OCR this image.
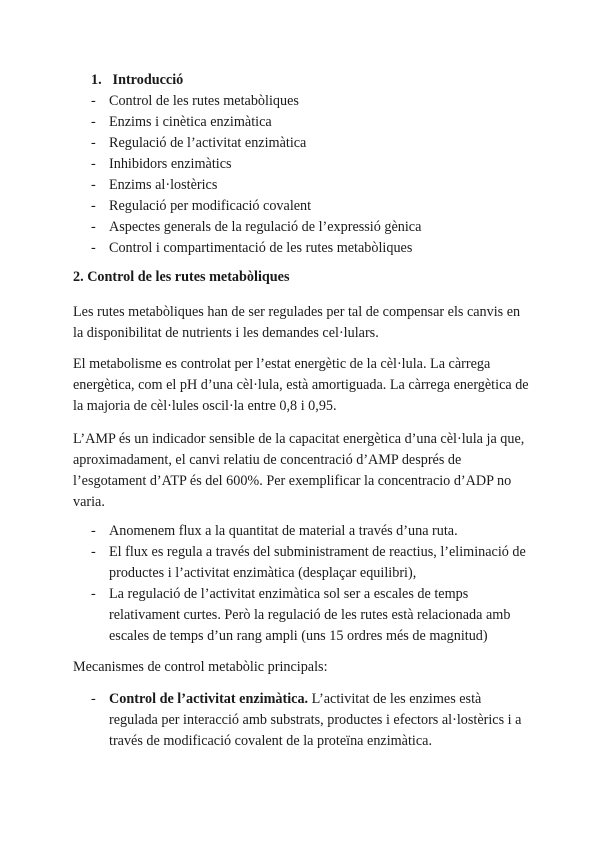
1. Introducció
- Control de les rutes metabòliques
- Enzims i cinètica enzimàtica
- Regulació de l’activitat enzimàtica
- Inhibidors enzimàtics
- Enzims al·lostèrics
- Regulació per modificació covalent
- Aspectes generals de la regulació de l’expressió gènica
- Control i compartimentació de les rutes metabòliques
2. Control de les rutes metabòliques

Les rutes metabòliques han de ser regulades per tal de compensar els canvis en
la disponibilitat de nutrients i les demandes cel·lulars.

El metabolisme es controlat per l’estat energètic de la cèl·lula. La càrrega
energètica, com el pH d’una cèl·lula, està amortiguada. La càrrega energètica de
la majoria de cèl·lules oscil·la entre 0,8 i 0,95.

L’AMP és un indicador sensible de la capacitat energètica d’una cèl·lula ja que,
aproximadament, el canvi relatiu de concentració d’AMP després de
l’esgotament d’ATP és del 600%. Per exemplificar la concentracio d’ADP no
varia.

- Anomenem flux a la quantitat de material a través d’una ruta.
- El flux es regula a través del subministrament de reactius, l’eliminació de
productes i l’activitat enzimàtica (desplaçar equilibri),
- La regulació de l’activitat enzimàtica sol ser a escales de temps
relativament curtes. Però la regulació de les rutes està relacionada amb
escales de temps d’un rang ampli (uns 15 ordres més de magnitud)

Mecanismes de control metabòlic principals:

- Control de l’activitat enzimàtica. L’activitat de les enzimes està
regulada per interacció amb substrats, productes i efectors al·lostèrics i a
través de modificació covalent de la proteïna enzimàtica.
